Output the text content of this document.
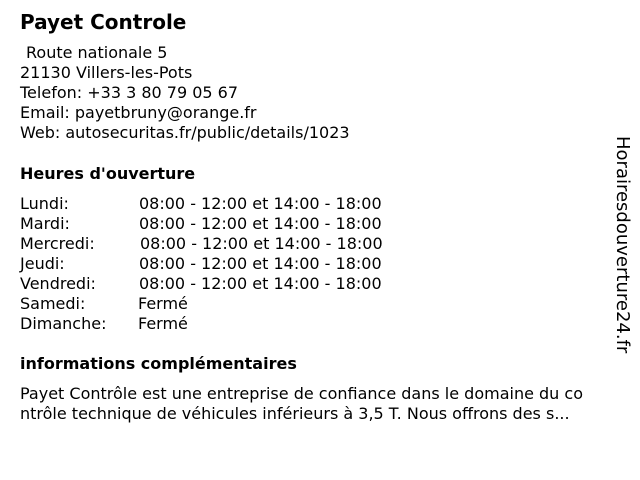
Payet Controle
Route nationale 5
21130 Villers-les-Pots
Telefon: +33 3 80 79 05 67
Email: payetbruny@orange.fr
Web: autosecuritas.fr/public/details/1023
Heures d'ouverture
Lundi:	08:00 - 12:00 et 14:00 - 18:00
Mardi:	08:00 - 12:00 et 14:00 - 18:00
Mercredi:	08:00 - 12:00 et 14:00 - 18:00
Jeudi:	08:00 - 12:00 et 14:00 - 18:00
Vendredi:	08:00 - 12:00 et 14:00 - 18:00
Samedi:	Fermé
Dimanche: Fermé
informations complémentaires
Payet Contrôle est une entreprise de confiance dans le domaine du co
ntrôle technique de véhicules inférieurs à 3,5 T. Nous offrons des s...
Horairesdouverture24.fr
